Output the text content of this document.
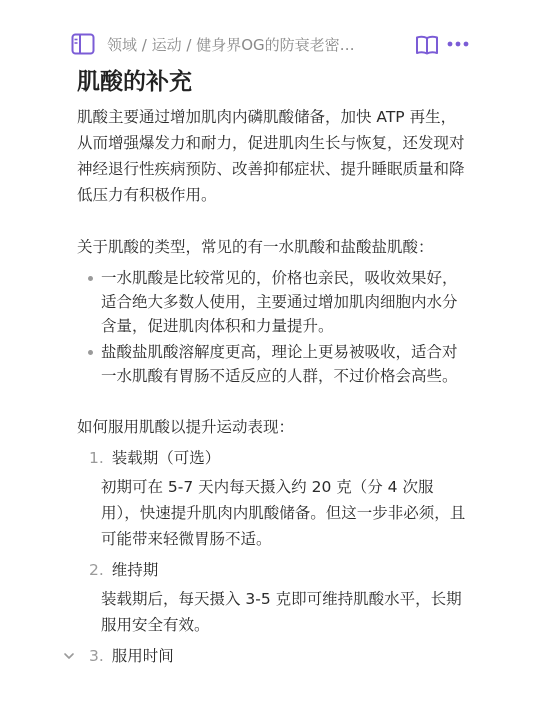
领域 / 运动 / 健身界OG的防衰老密…
肌酸的补充

肌酸主要通过增加肌肉内磷肌酸储备，加快 ATP 再生，从而增强爆发力和耐力，促进肌肉生长与恢复，还发现对神经退行性疾病预防、改善抑郁症状、提升睡眠质量和降低压力有积极作用。

关于肌酸的类型，常见的有一水肌酸和盐酸盐肌酸：

一水肌酸是比较常见的，价格也亲民，吸收效果好，适合绝大多数人使用，主要通过增加肌肉细胞内水分含量，促进肌肉体积和力量提升。
盐酸盐肌酸溶解度更高，理论上更易被吸收，适合对一水肌酸有胃肠不适反应的人群，不过价格会高些。

如何服用肌酸以提升运动表现：

1. 装载期（可选）
初期可在 5-7 天内每天摄入约 20 克（分 4 次服用），快速提升肌肉内肌酸储备。但这一步非必须，且可能带来轻微胃肠不适。
2. 维持期
装载期后，每天摄入 3-5 克即可维持肌酸水平，长期服用安全有效。
3. 服用时间
